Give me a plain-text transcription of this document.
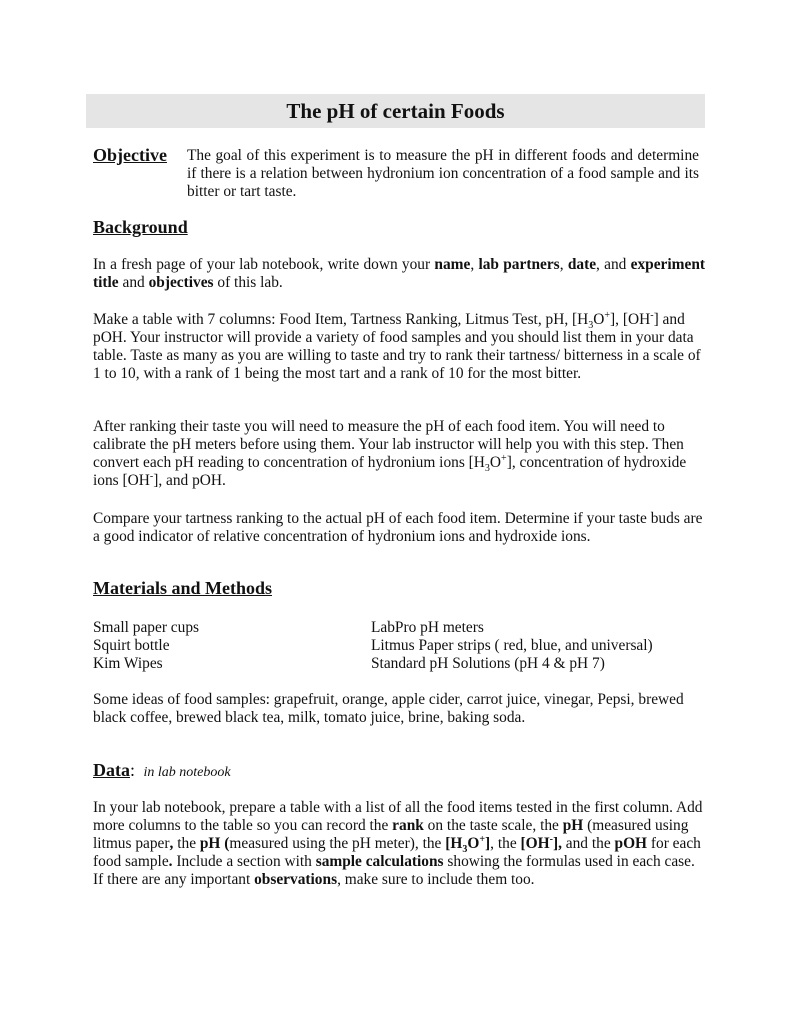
The pH of certain Foods
Objective The goal of this experiment is to measure the pH in different foods and determine if there is a relation between hydronium ion concentration of a food sample and its bitter or tart taste.
Background
In a fresh page of your lab notebook, write down your name, lab partners, date, and experiment title and objectives of this lab.
Make a table with 7 columns: Food Item, Tartness Ranking, Litmus Test, pH, $[H_3O^+]$, [OH-] and pOH. Your instructor will provide a variety of food samples and you should list them in your data table. Taste as many as you are willing to taste and try to rank their tartness/ bitterness in a scale of 1 to 10, with a rank of 1 being the most tart and a rank of 10 for the most bitter.
After ranking their taste you will need to measure the pH of each food item. You will need to calibrate the pH meters before using them. Your lab instructor will help you with this step. Then convert each pH reading to concentration of hydronium ions $[H_3O^+]$, concentration of hydroxide ions [OH-], and pOH.
Compare your tartness ranking to the actual pH of each food item. Determine if your taste buds are a good indicator of relative concentration of hydronium ions and hydroxide ions.
Materials and Methods
Small paper cups
Squirt bottle
Kim Wipes
LabPro pH meters
Litmus Paper strips ( red, blue, and universal)
Standard pH Solutions (pH 4 & pH 7)
Some ideas of food samples: grapefruit, orange, apple cider, carrot juice, vinegar, Pepsi, brewed black coffee, brewed black tea, milk, tomato juice, brine, baking soda.
Data: in lab notebook
In your lab notebook, prepare a table with a list of all the food items tested in the first column. Add more columns to the table so you can record the rank on the taste scale, the pH (measured using litmus paper, the pH (measured using the pH meter), the $[H_3O^+]$, the [OH-], and the pOH for each food sample. Include a section with sample calculations showing the formulas used in each case. If there are any important observations, make sure to include them too.
